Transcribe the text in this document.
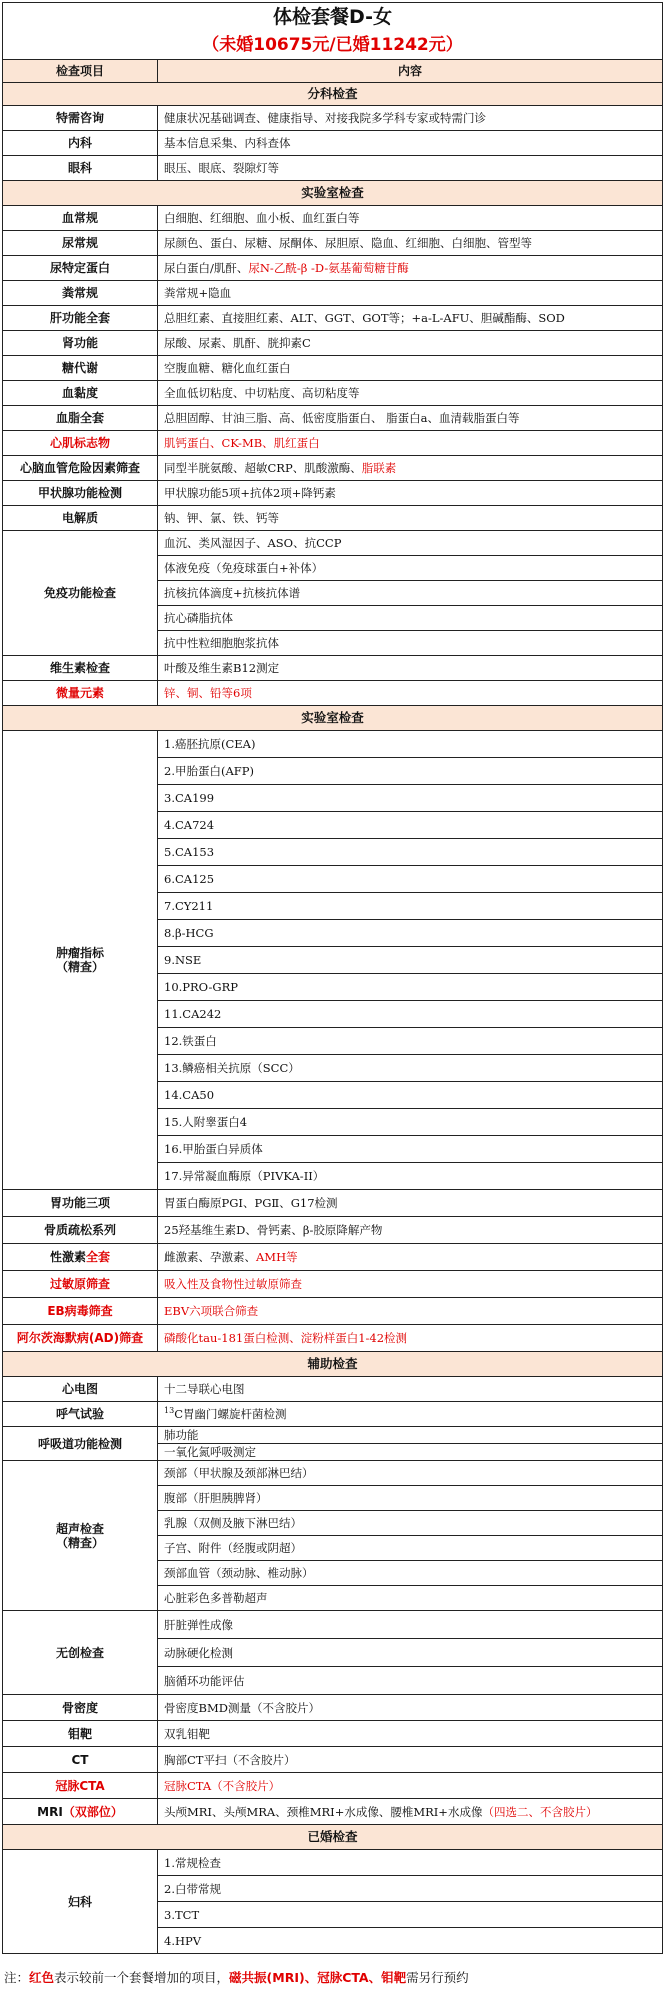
体检套餐D-女	
（未婚10675元/已婚11242元）	
检查项目	内容
分科检查	
特需咨询	健康状况基础调查、健康指导、对接我院多学科专家或特需门诊
内科	基本信息采集、内科查体
眼科	眼压、眼底、裂隙灯等
实验室检查	
血常规	白细胞、红细胞、血小板、血红蛋白等
尿常规	尿颜色、蛋白、尿糖、尿酮体、尿胆原、隐血、红细胞、白细胞、管型等
尿特定蛋白	尿白蛋白/肌酐、尿N-乙酰-β -D-氨基葡萄糖苷酶
粪常规	粪常规+隐血
肝功能全套	总胆红素、直接胆红素、ALT、GGT、GOT等；+a-L-AFU、胆碱酯酶、SOD
肾功能	尿酸、尿素、肌酐、胱抑素C
糖代谢	空腹血糖、糖化血红蛋白
血黏度	全血低切粘度、中切粘度、高切粘度等
血脂全套	总胆固醇、甘油三脂、高、低密度脂蛋白、 脂蛋白a、血清载脂蛋白等
心肌标志物	肌钙蛋白、CK-MB、肌红蛋白
心脑血管危险因素筛查	同型半胱氨酸、超敏CRP、肌酸激酶、脂联素
甲状腺功能检测	甲状腺功能5项+抗体2项+降钙素
电解质	钠、钾、氯、铁、钙等
免疫功能检查	血沉、类风湿因子、ASO、抗CCP
	体液免疫（免疫球蛋白+补体）
	抗核抗体滴度+抗核抗体谱
	抗心磷脂抗体
	抗中性粒细胞胞浆抗体
维生素检查	叶酸及维生素B12测定
微量元素	锌、铜、铅等6项
实验室检查	
肿瘤指标
（精查）	1.癌胚抗原(CEA)
	2.甲胎蛋白(AFP)
	3.CA199
	4.CA724
	5.CA153
	6.CA125
	7.CY211
	8.β-HCG
	9.NSE
	10.PRO-GRP
	11.CA242
	12.铁蛋白
	13.鳞癌相关抗原（SCC）
	14.CA50
	15.人附睾蛋白4
	16.甲胎蛋白异质体
	17.异常凝血酶原（PIVKA-II）
胃功能三项	胃蛋白酶原PGⅠ、PGⅡ、G17检测
骨质疏松系列	25羟基维生素D、骨钙素、β-胶原降解产物
性激素全套	雌激素、孕激素、AMH等
过敏原筛查	吸入性及食物性过敏原筛查
EB病毒筛查	EBV六项联合筛查
阿尔茨海默病(AD)筛查	磷酸化tau-181蛋白检测、淀粉样蛋白1-42检测
辅助检查	
心电图	十二导联心电图
呼气试验	$^{13}$C胃幽门螺旋杆菌检测
呼吸道功能检测	肺功能
	一氧化氮呼吸测定
超声检查
（精查）	颈部（甲状腺及颈部淋巴结）
	腹部（肝胆胰脾肾）
	乳腺（双侧及腋下淋巴结）
	子宫、附件（经腹或阴超）
	颈部血管（颈动脉、椎动脉）
	心脏彩色多普勒超声
无创检查	肝脏弹性成像
	动脉硬化检测
	脑循环功能评估
骨密度	骨密度BMD测量（不含胶片）
钼靶	双乳钼靶
CT	胸部CT平扫（不含胶片）
冠脉CTA	冠脉CTA（不含胶片）
MRI（双部位）	头颅MRI、头颅MRA、颈椎MRI+水成像、腰椎MRI+水成像（四选二、不含胶片）
已婚检查	
妇科	1.常规检查
	2.白带常规
	3.TCT
	4.HPV
注：红色表示较前一个套餐增加的项目，磁共振(MRI)、冠脉CTA、钼靶需另行预约
